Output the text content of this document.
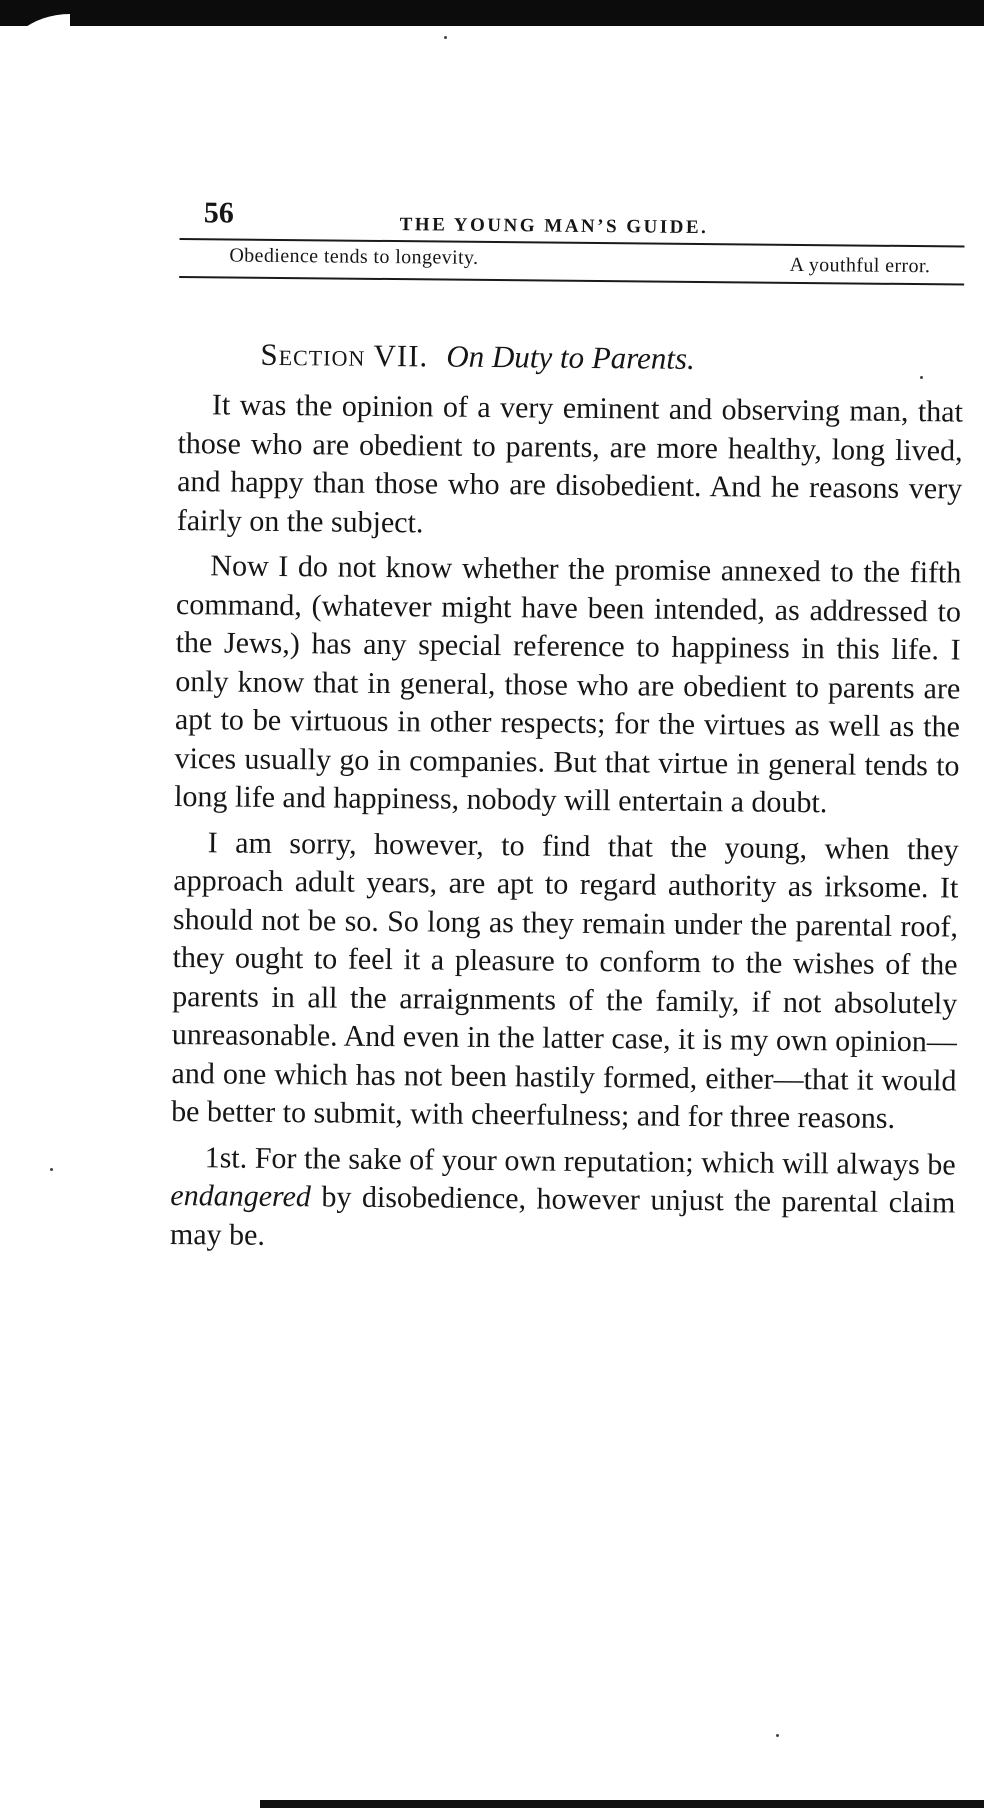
56	THE YOUNG MAN’S GUIDE.
Obedience tends to longevity.	A youthful error.
Section VII. On Duty to Parents.

It was the opinion of a very eminent and observing man, that those who are obedient to parents, are more healthy, long lived, and happy than those who are disobedient. And he reasons very fairly on the subject.

Now I do not know whether the promise annexed to the fifth command, (whatever might have been intended, as addressed to the Jews,) has any special reference to happiness in this life. I only know that in general, those who are obedient to parents are apt to be virtuous in other respects; for the virtues as well as the vices usually go in companies. But that virtue in general tends to long life and happiness, nobody will entertain a doubt.

I am sorry, however, to find that the young, when they approach adult years, are apt to regard authority as irksome. It should not be so. So long as they remain under the parental roof, they ought to feel it a pleasure to conform to the wishes of the parents in all the arraignments of the family, if not absolutely unreasonable. And even in the latter case, it is my own opinion—and one which has not been hastily formed, either—that it would be better to submit, with cheerfulness; and for three reasons.

1st. For the sake of your own reputation; which will always be endangered by disobedience, however unjust the parental claim may be.
